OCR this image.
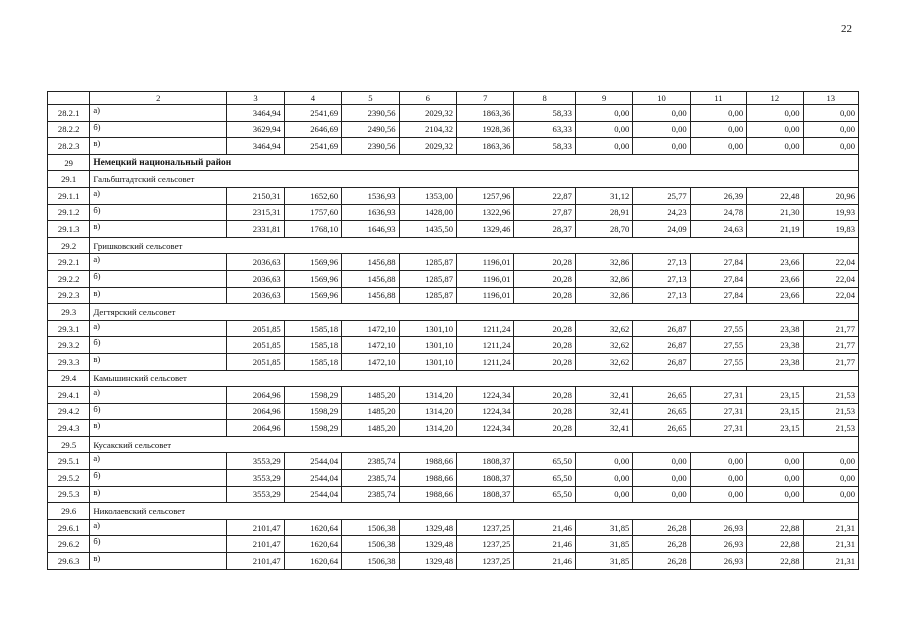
22
	2	3	4	5	6	7	8	9	10	11	12	13
28.2.1	а)	3464,94	2541,69	2390,56	2029,32	1863,36	58,33	0,00	0,00	0,00	0,00	0,00
28.2.2	б)	3629,94	2646,69	2490,56	2104,32	1928,36	63,33	0,00	0,00	0,00	0,00	0,00
28.2.3	в)	3464,94	2541,69	2390,56	2029,32	1863,36	58,33	0,00	0,00	0,00	0,00	0,00
29	Немецкий национальный район											
29.1	Гальбштадтский сельсовет											
29.1.1	а)	2150,31	1652,60	1536,93	1353,00	1257,96	22,87	31,12	25,77	26,39	22,48	20,96
29.1.2	б)	2315,31	1757,60	1636,93	1428,00	1322,96	27,87	28,91	24,23	24,78	21,30	19,93
29.1.3	в)	2331,81	1768,10	1646,93	1435,50	1329,46	28,37	28,70	24,09	24,63	21,19	19,83
29.2	Гришковский сельсовет											
29.2.1	а)	2036,63	1569,96	1456,88	1285,87	1196,01	20,28	32,86	27,13	27,84	23,66	22,04
29.2.2	б)	2036,63	1569,96	1456,88	1285,87	1196,01	20,28	32,86	27,13	27,84	23,66	22,04
29.2.3	в)	2036,63	1569,96	1456,88	1285,87	1196,01	20,28	32,86	27,13	27,84	23,66	22,04
29.3	Дегтярский сельсовет											
29.3.1	а)	2051,85	1585,18	1472,10	1301,10	1211,24	20,28	32,62	26,87	27,55	23,38	21,77
29.3.2	б)	2051,85	1585,18	1472,10	1301,10	1211,24	20,28	32,62	26,87	27,55	23,38	21,77
29.3.3	в)	2051,85	1585,18	1472,10	1301,10	1211,24	20,28	32,62	26,87	27,55	23,38	21,77
29.4	Камышинский сельсовет											
29.4.1	а)	2064,96	1598,29	1485,20	1314,20	1224,34	20,28	32,41	26,65	27,31	23,15	21,53
29.4.2	б)	2064,96	1598,29	1485,20	1314,20	1224,34	20,28	32,41	26,65	27,31	23,15	21,53
29.4.3	в)	2064,96	1598,29	1485,20	1314,20	1224,34	20,28	32,41	26,65	27,31	23,15	21,53
29.5	Кусакский сельсовет											
29.5.1	а)	3553,29	2544,04	2385,74	1988,66	1808,37	65,50	0,00	0,00	0,00	0,00	0,00
29.5.2	б)	3553,29	2544,04	2385,74	1988,66	1808,37	65,50	0,00	0,00	0,00	0,00	0,00
29.5.3	в)	3553,29	2544,04	2385,74	1988,66	1808,37	65,50	0,00	0,00	0,00	0,00	0,00
29.6	Николаевский сельсовет											
29.6.1	а)	2101,47	1620,64	1506,38	1329,48	1237,25	21,46	31,85	26,28	26,93	22,88	21,31
29.6.2	б)	2101,47	1620,64	1506,38	1329,48	1237,25	21,46	31,85	26,28	26,93	22,88	21,31
29.6.3	в)	2101,47	1620,64	1506,38	1329,48	1237,25	21,46	31,85	26,28	26,93	22,88	21,31
